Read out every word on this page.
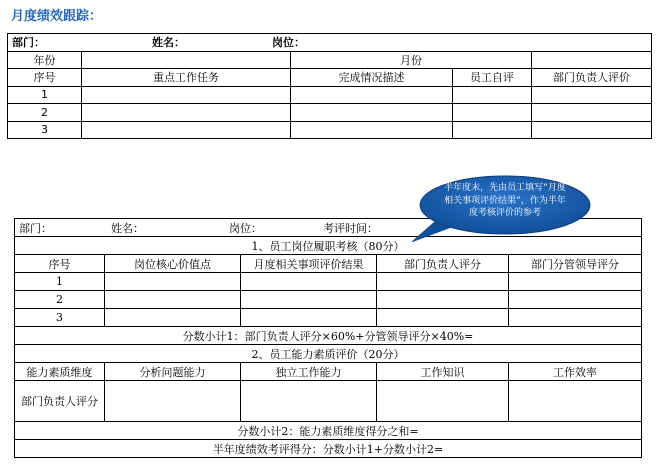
月度绩效跟踪：
部门： 姓名： 岗位：				
年份		月份		
序号	重点工作任务	完成情况描述	员工自评	部门负责人评价
1				
2				
3				
部门： 姓名： 岗位： 考评时间：				
1、员工岗位履职考核（80分）				
序号	岗位核心价值点	月度相关事项评价结果	部门负责人评分	部门分管领导评分
1				
2				
3				
分数小计1：部门负责人评分×60%+分管领导评分×40%=				
2、员工能力素质评价（20分）				
能力素质维度	分析问题能力	独立工作能力	工作知识	工作效率
部门负责人评分				
分数小计2：能力素质维度得分之和=				
半年度绩效考评得分：分数小计1+分数小计2=				
半年度末，先由员工填写“月度相关事项评价结果”，作为半年度考核评价的参考
